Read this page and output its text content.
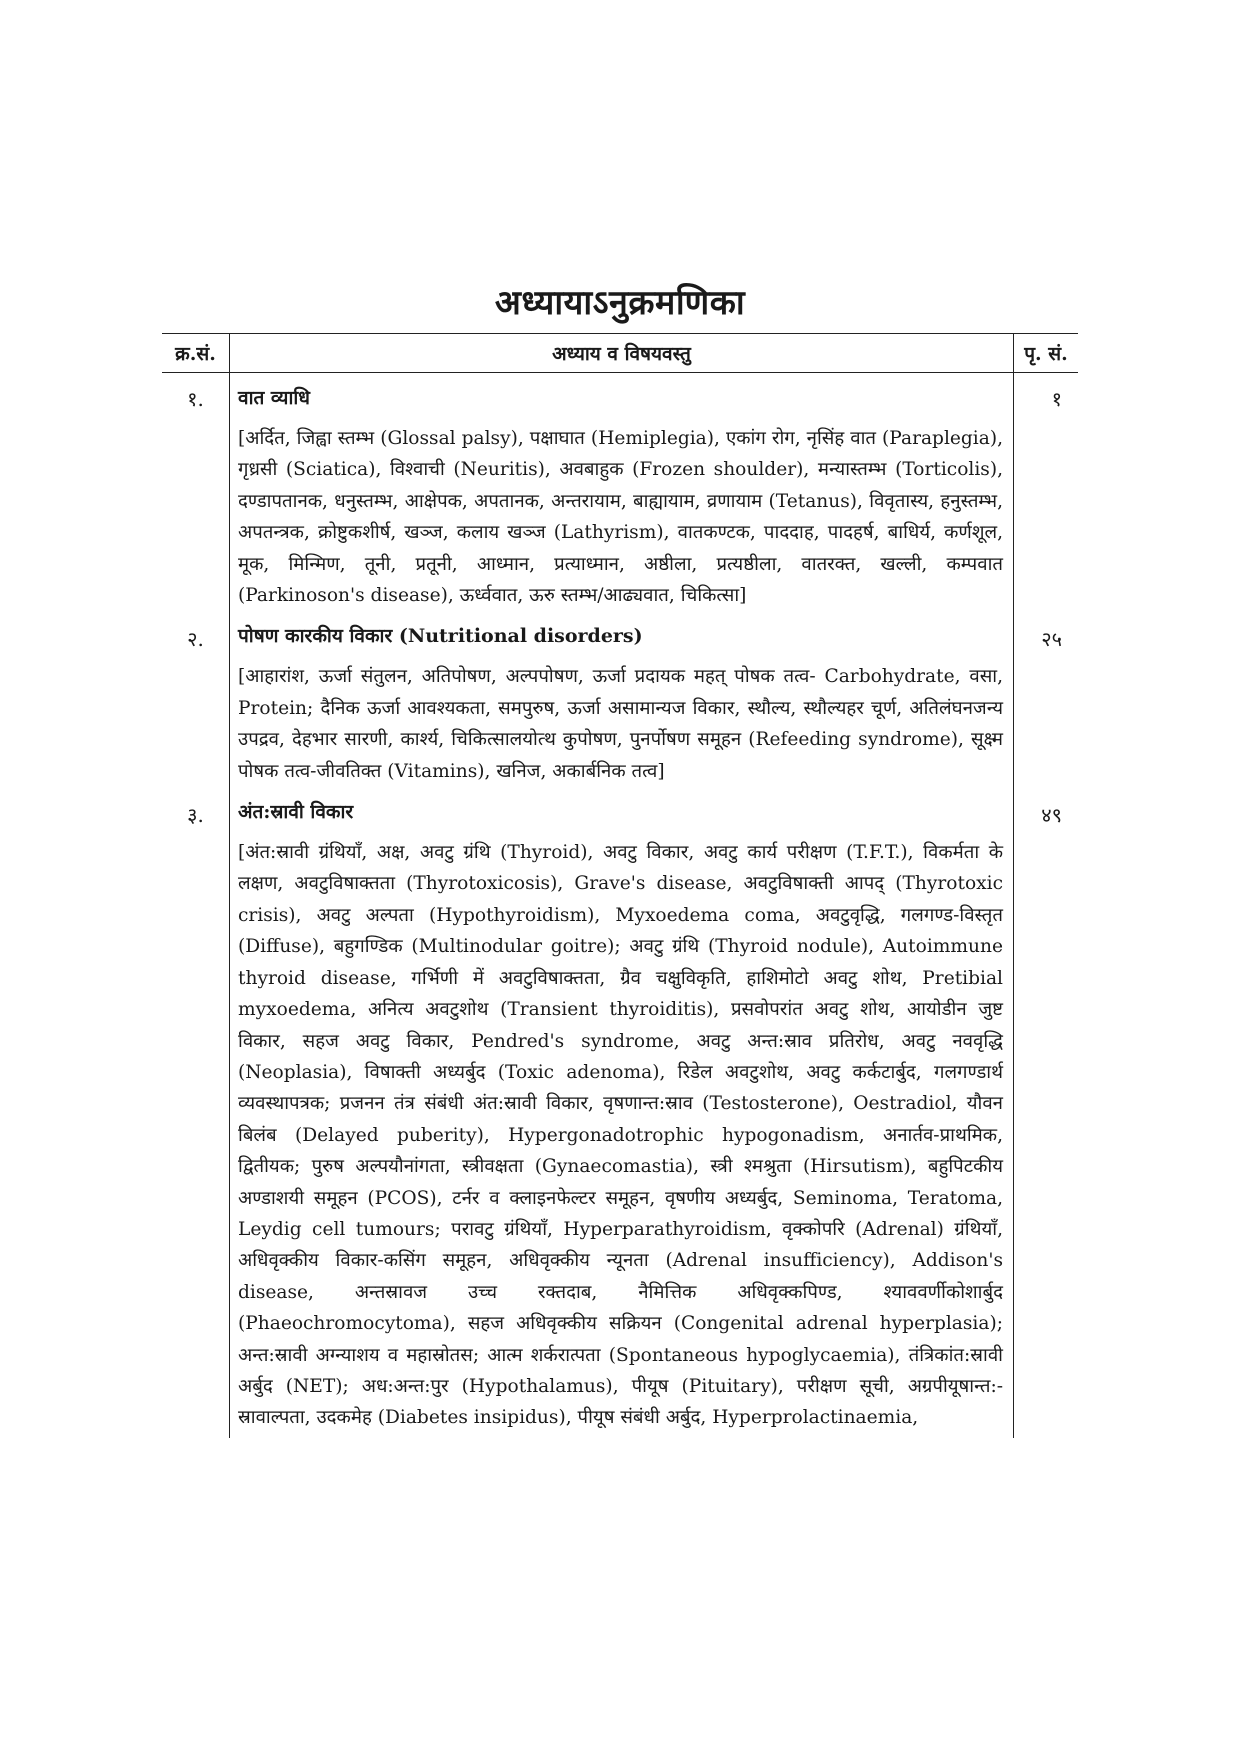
अध्यायाऽनुक्रमणिका
क्र.सं.	अध्याय व विषयवस्तु	पृ. सं.
१.	वात व्याधि
[अर्दित, जिह्वा स्तम्भ (Glossal palsy), पक्षाघात (Hemiplegia), एकांग रोग, नृसिंह वात (Paraplegia), गृध्रसी (Sciatica), विश्वाची (Neuritis), अवबाहुक (Frozen shoulder), मन्यास्तम्भ (Torticolis), दण्डापतानक, धनुस्तम्भ, आक्षेपक, अपतानक, अन्तरायाम, बाह्यायाम, व्रणायाम (Tetanus), विवृतास्य, हनुस्तम्भ, अपतन्त्रक, क्रोष्टुकशीर्ष, खञ्ज, कलाय खञ्ज (Lathyrism), वातकण्टक, पाददाह, पादहर्ष, बाधिर्य, कर्णशूल, मूक, मिन्मिण, तूनी, प्रतूनी, आध्मान, प्रत्याध्मान, अष्ठीला, प्रत्यष्ठीला, वातरक्त, खल्ली, कम्पवात (Parkinoson's disease), ऊर्ध्ववात, ऊरु स्तम्भ/आढ्यवात, चिकित्सा]	१
२.	पोषण कारकीय विकार (Nutritional disorders)
[आहारांश, ऊर्जा संतुलन, अतिपोषण, अल्पपोषण, ऊर्जा प्रदायक महत् पोषक तत्व- Carbohydrate, वसा, Protein; दैनिक ऊर्जा आवश्यकता, समपुरुष, ऊर्जा असामान्यज विकार, स्थौल्य, स्थौल्यहर चूर्ण, अतिलंघनजन्य उपद्रव, देहभार सारणी, कार्श्य, चिकित्सालयोत्थ कुपोषण, पुनर्पोषण समूहन (Refeeding syndrome), सूक्ष्म पोषक तत्व-जीवतिक्त (Vitamins), खनिज, अकार्बनिक तत्व]	२५
३.	अंत:स्रावी विकार
[अंत:स्रावी ग्रंथियाँ, अक्ष, अवटु ग्रंथि (Thyroid), अवटु विकार, अवटु कार्य परीक्षण (T.F.T.), विकर्मता के लक्षण, अवटुविषाक्तता (Thyrotoxicosis), Grave's disease, अवटुविषाक्ती आपद् (Thyrotoxic crisis), अवटु अल्पता (Hypothyroidism), Myxoedema coma, अवटुवृद्धि, गलगण्ड-विस्तृत (Diffuse), बहुगण्डिक (Multinodular goitre); अवटु ग्रंथि (Thyroid nodule), Autoimmune thyroid disease, गर्भिणी में अवटुविषाक्तता, ग्रैव चक्षुविकृति, हाशिमोटो अवटु शोथ, Pretibial myxoedema, अनित्य अवटुशोथ (Transient thyroiditis), प्रसवोपरांत अवटु शोथ, आयोडीन जुष्ट विकार, सहज अवटु विकार, Pendred's syndrome, अवटु अन्त:स्राव प्रतिरोध, अवटु नववृद्धि (Neoplasia), विषाक्ती अध्यर्बुद (Toxic adenoma), रिडेल अवटुशोथ, अवटु कर्कटार्बुद, गलगण्डार्थ व्यवस्थापत्रक; प्रजनन तंत्र संबंधी अंत:स्रावी विकार, वृषणान्त:स्राव (Testosterone), Oestradiol, यौवन बिलंब (Delayed puberity), Hypergonadotrophic hypogonadism, अनार्तव-प्राथमिक, द्वितीयक; पुरुष अल्पयौनांगता, स्त्रीवक्षता (Gynaecomastia), स्त्री श्मश्रुता (Hirsutism), बहुपिटकीय अण्डाशयी समूहन (PCOS), टर्नर व क्लाइनफेल्टर समूहन, वृषणीय अध्यर्बुद, Seminoma, Teratoma, Leydig cell tumours; परावटु ग्रंथियाँ, Hyperparathyroidism, वृक्कोपरि (Adrenal) ग्रंथियाँ, अधिवृक्कीय विकार-कसिंग समूहन, अधिवृक्कीय न्यूनता (Adrenal insufficiency), Addison's disease, अन्तस्रावज उच्च रक्तदाब, नैमित्तिक अधिवृक्कपिण्ड, श्याववर्णीकोशार्बुद (Phaeochromocytoma), सहज अधिवृक्कीय सक्रियन (Congenital adrenal hyperplasia); अन्त:स्रावी अग्न्याशय व महास्रोतस; आत्म शर्करात्पता (Spontaneous hypoglycaemia), तंत्रिकांत:स्रावी अर्बुद (NET); अध:अन्त:पुर (Hypothalamus), पीयूष (Pituitary), परीक्षण सूची, अग्रपीयूषान्त:- स्रावाल्पता, उदकमेह (Diabetes insipidus), पीयूष संबंधी अर्बुद, Hyperprolactinaemia,	४९
